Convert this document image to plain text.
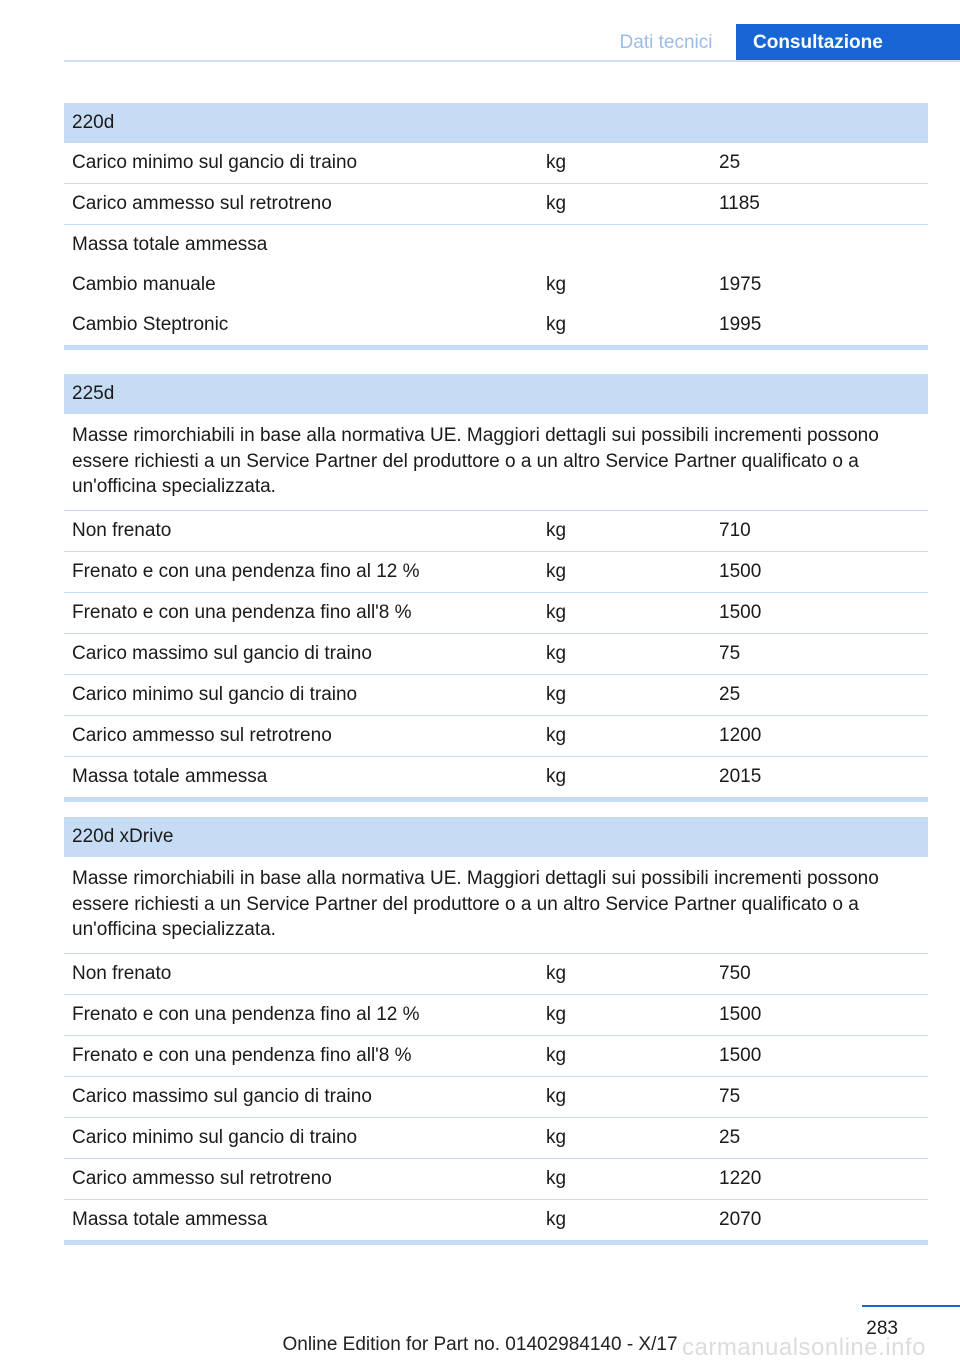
Dati tecnici	Consultazione
220d
Carico minimo sul gancio di traino	kg	25
Carico ammesso sul retrotreno	kg	1185
Massa totale ammessa
Cambio manuale	kg	1975
Cambio Steptronic	kg	1995
225d
Masse rimorchiabili in base alla normativa UE. Maggiori dettagli sui possibili incrementi possono essere richiesti a un Service Partner del produttore o a un altro Service Partner qualificato o a un'officina specializzata.
Non frenato	kg	710
Frenato e con una pendenza fino al 12 %	kg	1500
Frenato e con una pendenza fino all'8 %	kg	1500
Carico massimo sul gancio di traino	kg	75
Carico minimo sul gancio di traino	kg	25
Carico ammesso sul retrotreno	kg	1200
Massa totale ammessa	kg	2015
220d xDrive
Masse rimorchiabili in base alla normativa UE. Maggiori dettagli sui possibili incrementi possono essere richiesti a un Service Partner del produttore o a un altro Service Partner qualificato o a un'officina specializzata.
Non frenato	kg	750
Frenato e con una pendenza fino al 12 %	kg	1500
Frenato e con una pendenza fino all'8 %	kg	1500
Carico massimo sul gancio di traino	kg	75
Carico minimo sul gancio di traino	kg	25
Carico ammesso sul retrotreno	kg	1220
Massa totale ammessa	kg	2070
283
Online Edition for Part no. 01402984140 - X/17 carmanualsonline.info
